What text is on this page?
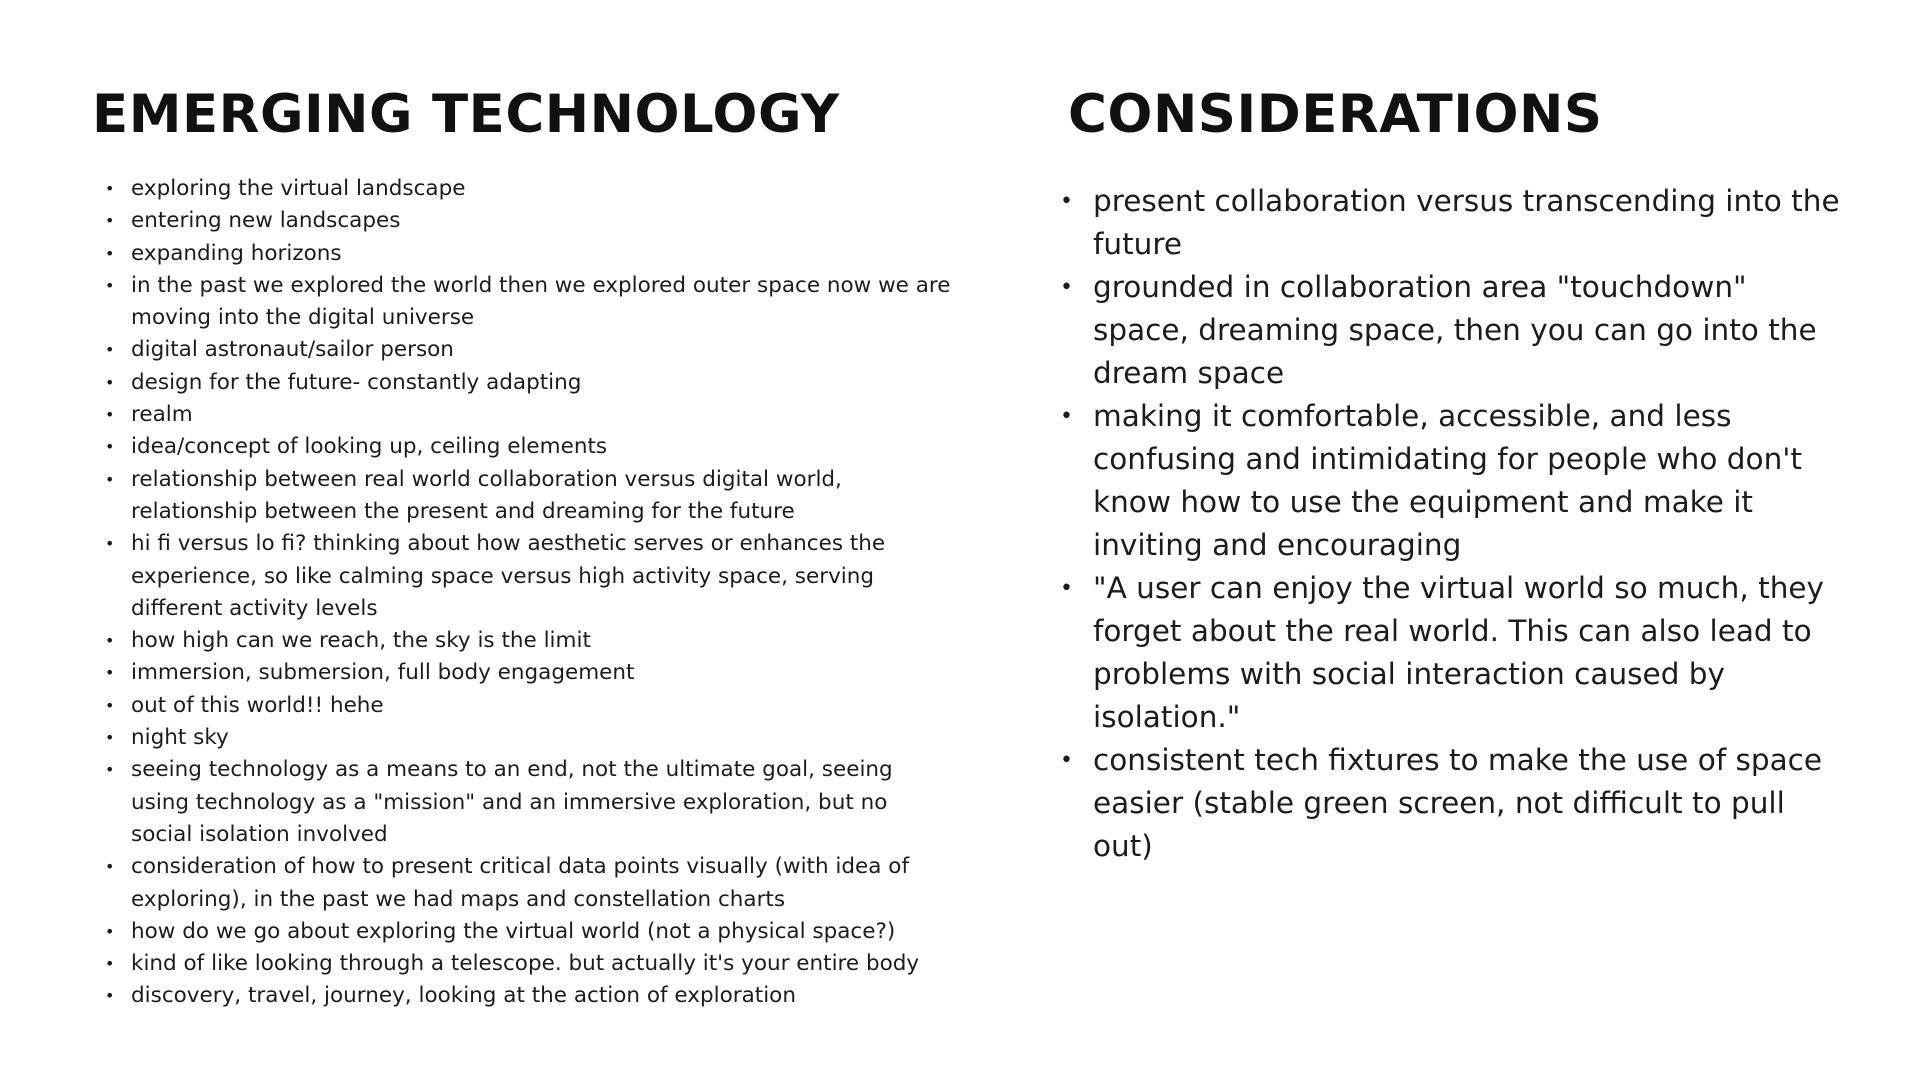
EMERGING TECHNOLOGY
• exploring the virtual landscape
• entering new landscapes
• expanding horizons
• in the past we explored the world then we explored outer space now we are moving into the digital universe
• digital astronaut/sailor person
• design for the future- constantly adapting
• realm
• idea/concept of looking up, ceiling elements
• relationship between real world collaboration versus digital world, relationship between the present and dreaming for the future
• hi fi versus lo fi? thinking about how aesthetic serves or enhances the experience, so like calming space versus high activity space, serving different activity levels
• how high can we reach, the sky is the limit
• immersion, submersion, full body engagement
• out of this world!! hehe
• night sky
• seeing technology as a means to an end, not the ultimate goal, seeing using technology as a "mission" and an immersive exploration, but no social isolation involved
• consideration of how to present critical data points visually (with idea of exploring), in the past we had maps and constellation charts
• how do we go about exploring the virtual world (not a physical space?)
• kind of like looking through a telescope. but actually it's your entire body
• discovery, travel, journey, looking at the action of exploration
CONSIDERATIONS
• present collaboration versus transcending into the future
• grounded in collaboration area "touchdown" space, dreaming space, then you can go into the dream space
• making it comfortable, accessible, and less confusing and intimidating for people who don't know how to use the equipment and make it inviting and encouraging
• "A user can enjoy the virtual world so much, they forget about the real world. This can also lead to problems with social interaction caused by isolation."
• consistent tech fixtures to make the use of space easier (stable green screen, not difficult to pull out)
